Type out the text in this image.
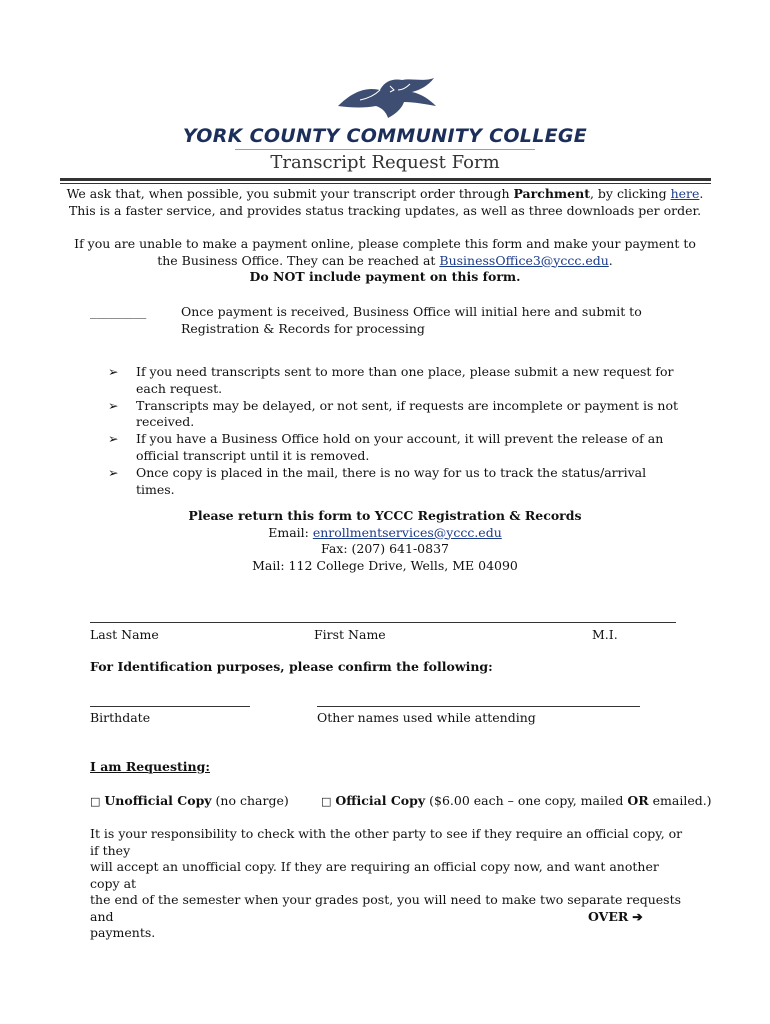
YORK COUNTY COMMUNITY COLLEGE
Transcript Request Form
We ask that, when possible, you submit your transcript order through Parchment, by clicking here.
This is a faster service, and provides status tracking updates, as well as three downloads per order.
If you are unable to make a payment online, please complete this form and make your payment to
the Business Office. They can be reached at BusinessOffice3@yccc.edu.
Do NOT include payment on this form.
_________	Once payment is received, Business Office will initial here and submit to
Registration & Records for processing
➢ If you need transcripts sent to more than one place, please submit a new request for each request.
➢ Transcripts may be delayed, or not sent, if requests are incomplete or payment is not received.
➢ If you have a Business Office hold on your account, it will prevent the release of an official transcript until it is removed.
➢ Once copy is placed in the mail, there is no way for us to track the status/arrival times.
Please return this form to YCCC Registration & Records
Email: enrollmentservices@yccc.edu
Fax: (207) 641-0837
Mail: 112 College Drive, Wells, ME 04090
Last Name	First Name	M.I.
For Identification purposes, please confirm the following:
Birthdate	Other names used while attending
I am Requesting:
□ Unofficial Copy (no charge)	□ Official Copy ($6.00 each – one copy, mailed OR emailed.)
It is your responsibility to check with the other party to see if they require an official copy, or if they
will accept an unofficial copy. If they are requiring an official copy now, and want another copy at
the end of the semester when your grades post, you will need to make two separate requests and
payments.
OVER ➔
